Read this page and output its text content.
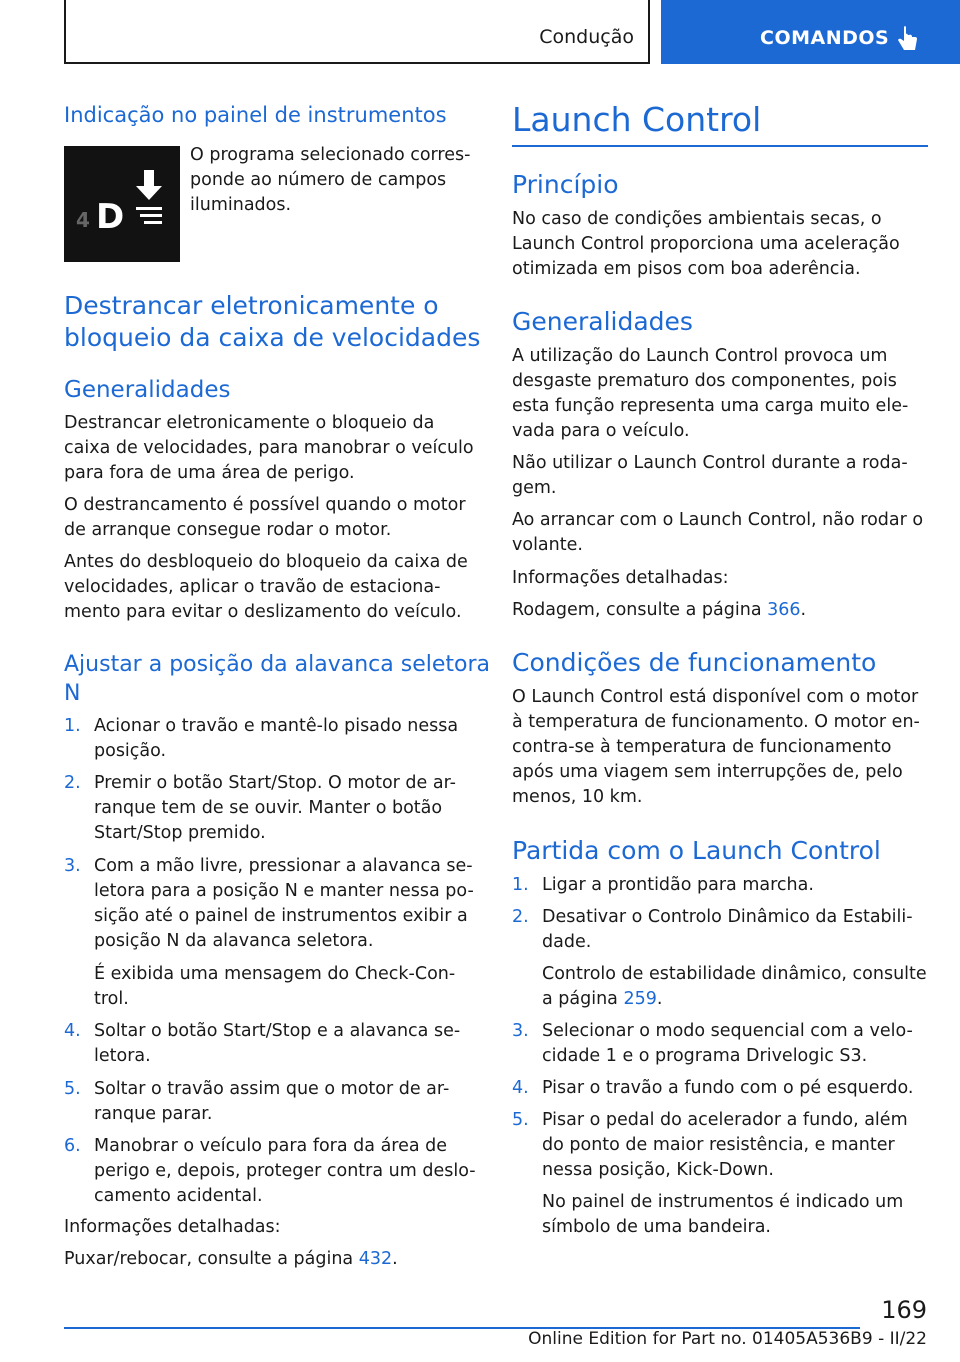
Condução	COMANDOS
Indicação no painel de instrumentos
4 D
O programa selecionado corres-
ponde ao número de campos
iluminados.
Destrancar eletronicamente o
bloqueio da caixa de velocidades
Generalidades
Destrancar eletronicamente o bloqueio da
caixa de velocidades, para manobrar o veículo
para fora de uma área de perigo.
O destrancamento é possível quando o motor
de arranque consegue rodar o motor.
Antes do desbloqueio do bloqueio da caixa de
velocidades, aplicar o travão de estaciona-
mento para evitar o deslizamento do veículo.
Ajustar a posição da alavanca seletora
N
1. Acionar o travão e mantê-lo pisado nessa
posição.
2. Premir o botão Start/Stop. O motor de ar-
ranque tem de se ouvir. Manter o botão
Start/Stop premido.
3. Com a mão livre, pressionar a alavanca se-
letora para a posição N e manter nessa po-
sição até o painel de instrumentos exibir a
posição N da alavanca seletora.
É exibida uma mensagem do Check-Con-
trol.
4. Soltar o botão Start/Stop e a alavanca se-
letora.
5. Soltar o travão assim que o motor de ar-
ranque parar.
6. Manobrar o veículo para fora da área de
perigo e, depois, proteger contra um deslo-
camento acidental.
Informações detalhadas:
Puxar/rebocar, consulte a página 432.
Launch Control
Princípio
No caso de condições ambientais secas, o
Launch Control proporciona uma aceleração
otimizada em pisos com boa aderência.
Generalidades
A utilização do Launch Control provoca um
desgaste prematuro dos componentes, pois
esta função representa uma carga muito ele-
vada para o veículo.
Não utilizar o Launch Control durante a roda-
gem.
Ao arrancar com o Launch Control, não rodar o
volante.
Informações detalhadas:
Rodagem, consulte a página 366.
Condições de funcionamento
O Launch Control está disponível com o motor
à temperatura de funcionamento. O motor en-
contra-se à temperatura de funcionamento
após uma viagem sem interrupções de, pelo
menos, 10 km.
Partida com o Launch Control
1. Ligar a prontidão para marcha.
2. Desativar o Controlo Dinâmico da Estabili-
dade.
Controlo de estabilidade dinâmico, consulte
a página 259.
3. Selecionar o modo sequencial com a velo-
cidade 1 e o programa Drivelogic S3.
4. Pisar o travão a fundo com o pé esquerdo.
5. Pisar o pedal do acelerador a fundo, além
do ponto de maior resistência, e manter
nessa posição, Kick-Down.
No painel de instrumentos é indicado um
símbolo de uma bandeira.
169
Online Edition for Part no. 01405A536B9 - II/22
